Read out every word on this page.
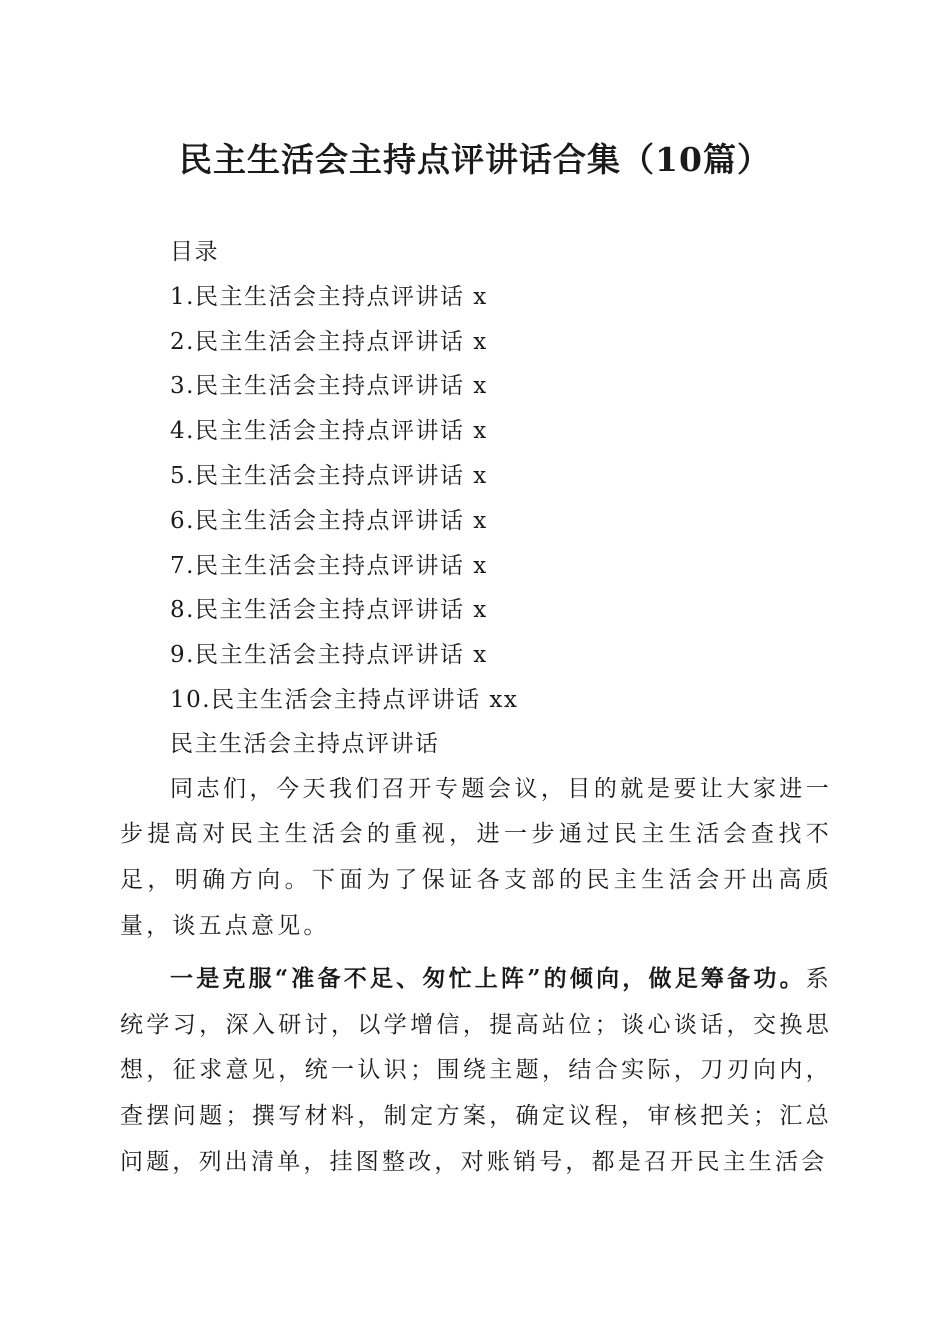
民主生活会主持点评讲话合集（10篇）
目录
1.民主生活会主持点评讲话 x
2.民主生活会主持点评讲话 x
3.民主生活会主持点评讲话 x
4.民主生活会主持点评讲话 x
5.民主生活会主持点评讲话 x
6.民主生活会主持点评讲话 x
7.民主生活会主持点评讲话 x
8.民主生活会主持点评讲话 x
9.民主生活会主持点评讲话 x
10.民主生活会主持点评讲话 xx

民主生活会主持点评讲话

同志们，今天我们召开专题会议，目的就是要让大家进一步提高对民主生活会的重视，进一步通过民主生活会查找不足，明确方向。下面为了保证各支部的民主生活会开出高质量，谈五点意见。

一是克服“准备不足、匆忙上阵”的倾向，做足筹备功。系统学习，深入研讨，以学增信，提高站位；谈心谈话，交换思想，征求意见，统一认识；围绕主题，结合实际，刀刃向内，查摆问题；撰写材料，制定方案，确定议程，审核把关；汇总问题，列出清单，挂图整改，对账销号，都是召开民主生活会
